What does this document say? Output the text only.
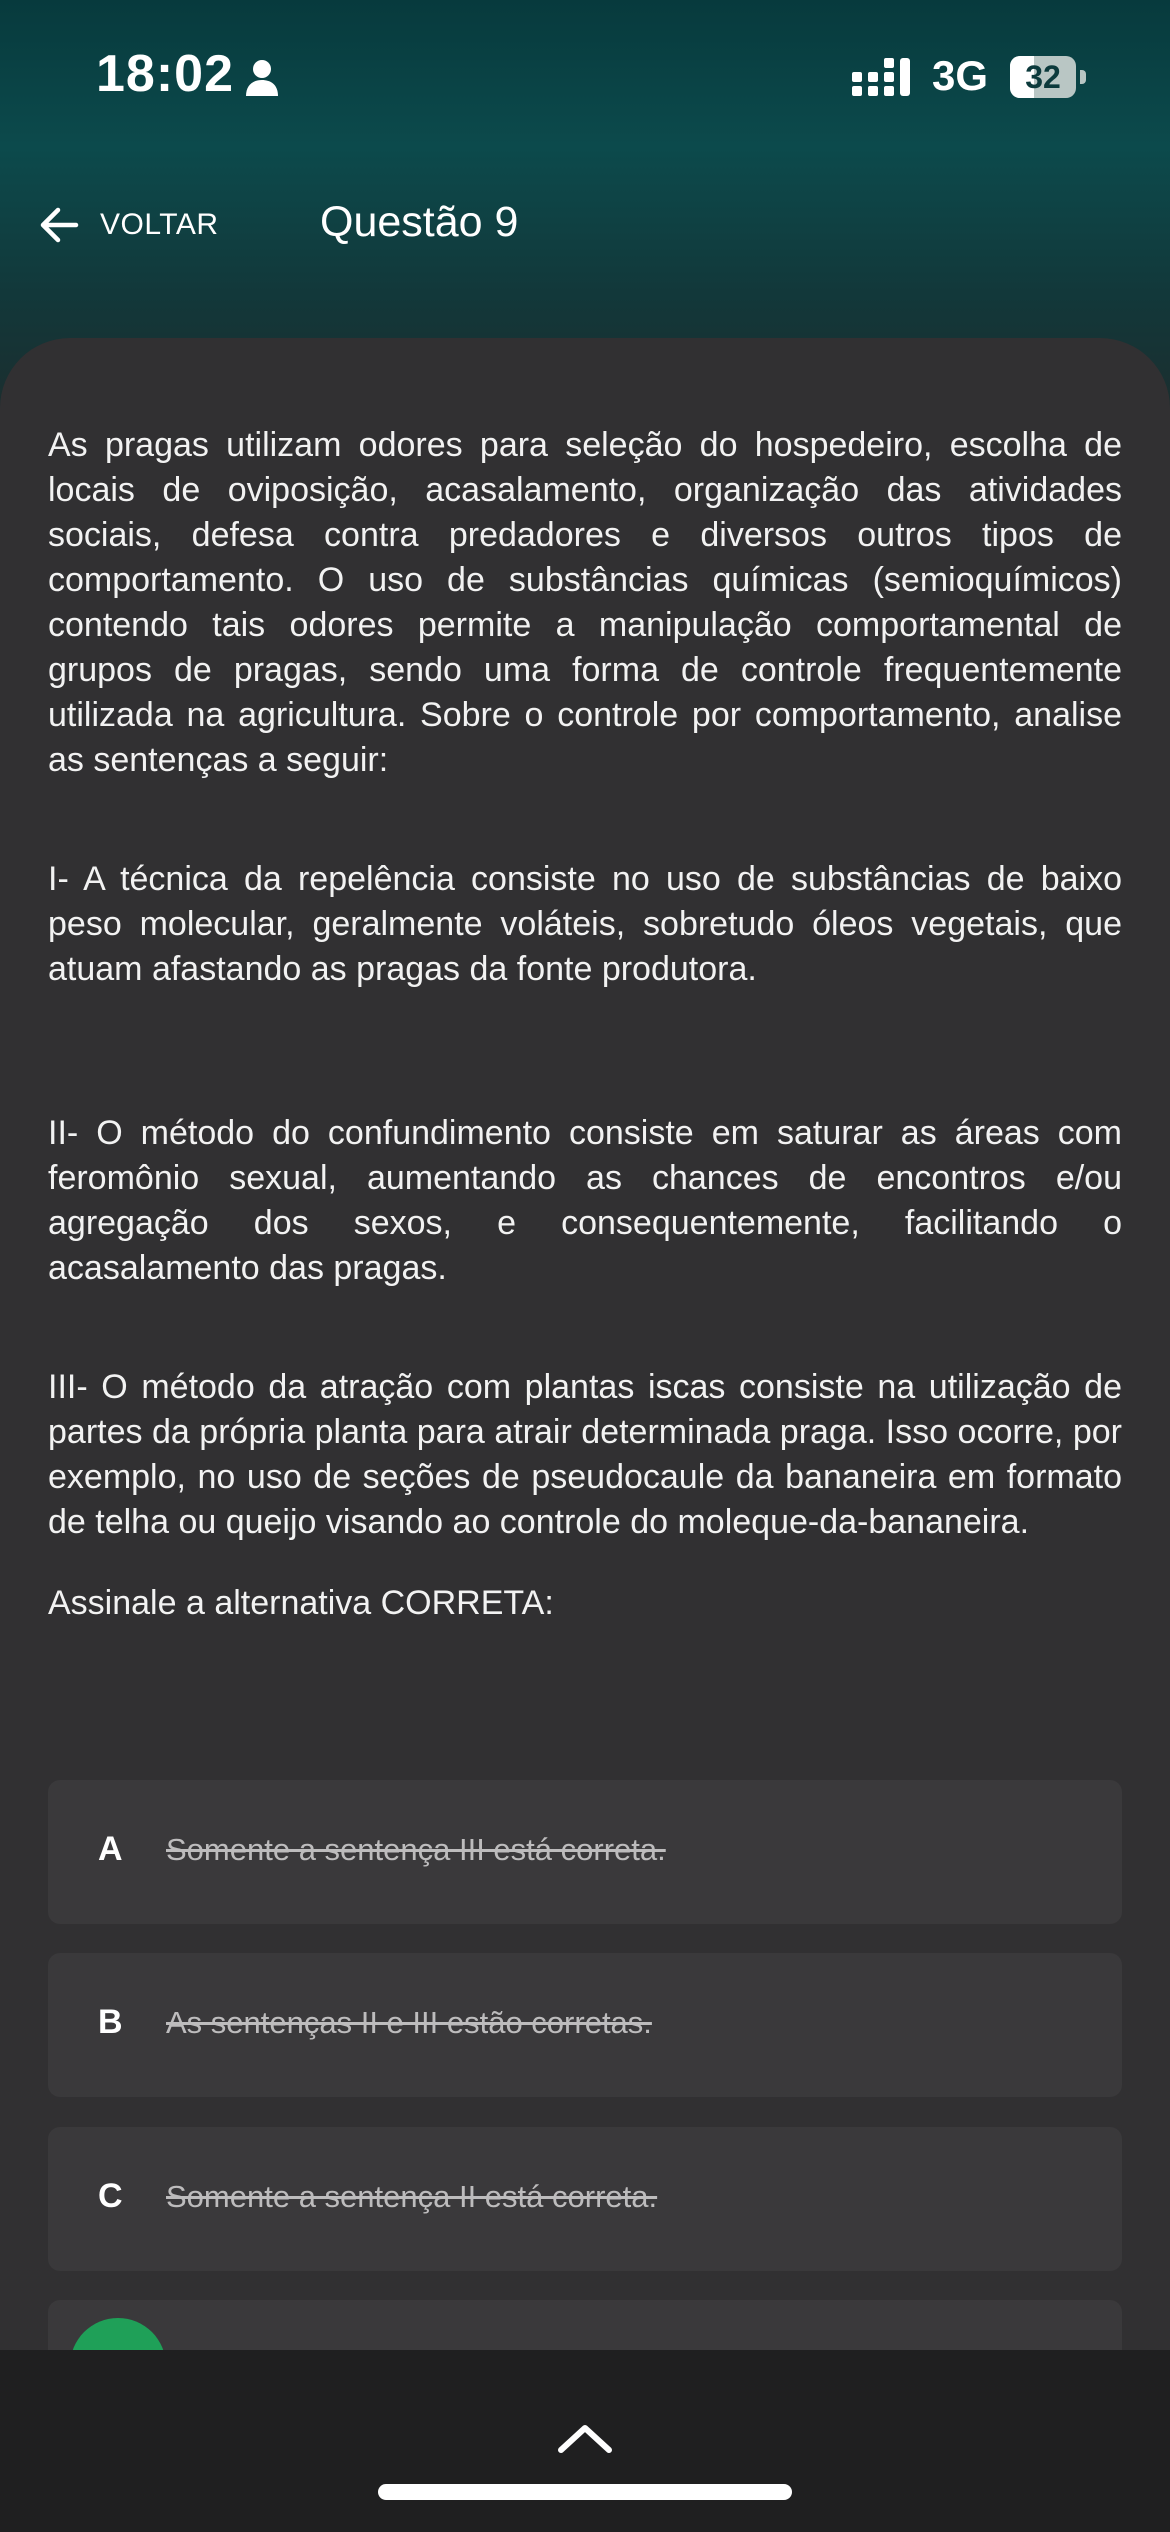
18:02	3G	32
VOLTAR Questão 9

As pragas utilizam odores para seleção do hospedeiro, escolha de locais de oviposição, acasalamento, organização das atividades sociais, defesa contra predadores e diversos outros tipos de comportamento. O uso de substâncias químicas (semioquímicos) contendo tais odores permite a manipulação comportamental de grupos de pragas, sendo uma forma de controle frequentemente utilizada na agricultura. Sobre o controle por comportamento, analise as sentenças a seguir:

I- A técnica da repelência consiste no uso de substâncias de baixo peso molecular, geralmente voláteis, sobretudo óleos vegetais, que atuam afastando as pragas da fonte produtora.

II- O método do confundimento consiste em saturar as áreas com feromônio sexual, aumentando as chances de encontros e/ou agregação dos sexos, e consequentemente, facilitando o acasalamento das pragas.

III- O método da atração com plantas iscas consiste na utilização de partes da própria planta para atrair determinada praga. Isso ocorre, por exemplo, no uso de seções de pseudocaule da bananeira em formato de telha ou queijo visando ao controle do moleque-da-bananeira.

Assinale a alternativa CORRETA:

A Somente a sentença III está correta.
B As sentenças II e III estão corretas.
C Somente a sentença II está correta.
